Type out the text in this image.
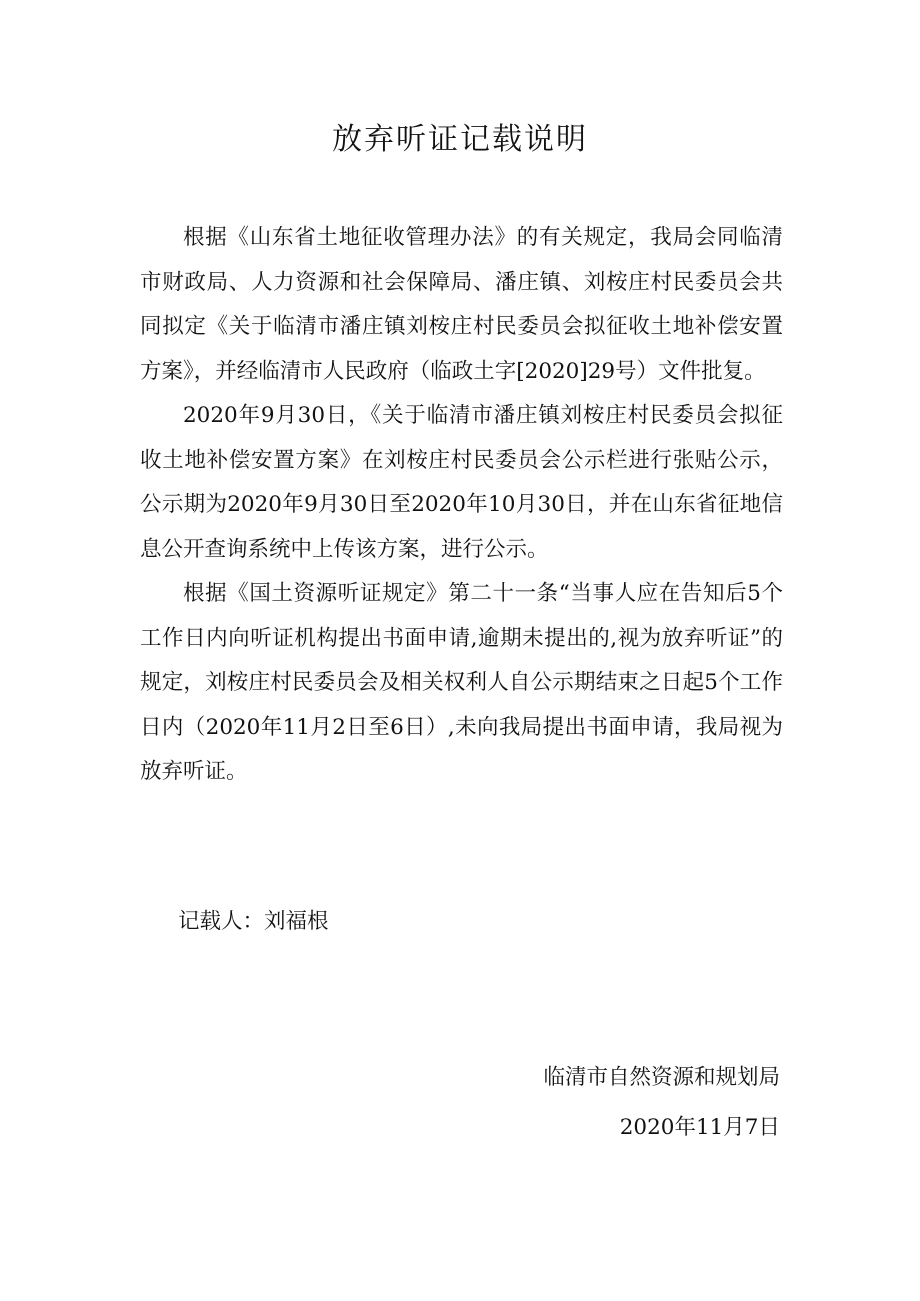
放弃听证记载说明

根据《山东省土地征收管理办法》的有关规定，我局会同临清市财政局、人力资源和社会保障局、潘庄镇、刘桉庄村民委员会共同拟定《关于临清市潘庄镇刘桉庄村民委员会拟征收土地补偿安置方案》，并经临清市人民政府（临政土字[2020]29号）文件批复。

2020年9月30日，《关于临清市潘庄镇刘桉庄村民委员会拟征收土地补偿安置方案》在刘桉庄村民委员会公示栏进行张贴公示，公示期为2020年9月30日至2020年10月30日，并在山东省征地信息公开查询系统中上传该方案，进行公示。

根据《国土资源听证规定》第二十一条“当事人应在告知后5个工作日内向听证机构提出书面申请,逾期未提出的,视为放弃听证”的规定，刘桉庄村民委员会及相关权利人自公示期结束之日起5个工作日内（2020年11月2日至6日）,未向我局提出书面申请，我局视为放弃听证。

记载人：刘福根
临清市自然资源和规划局
2020年11月7日
